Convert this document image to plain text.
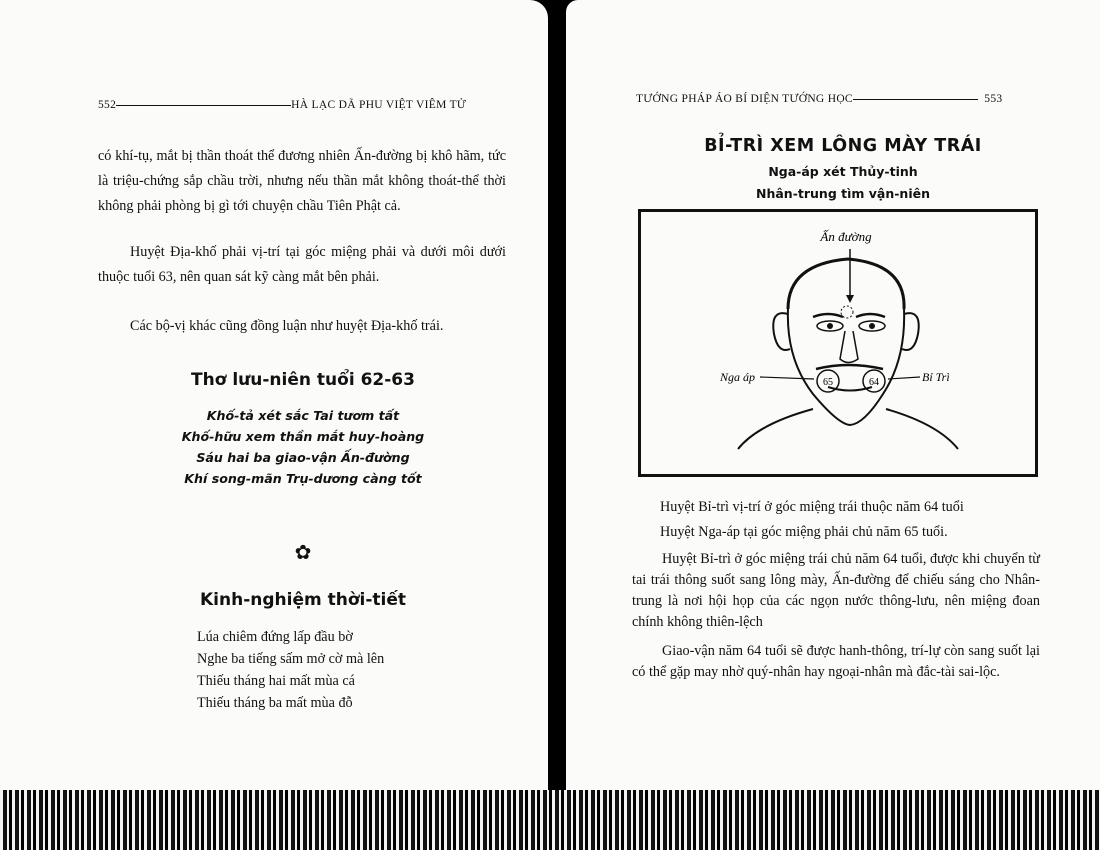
552	HÀ LẠC DÃ PHU VIỆT VIÊM TỬ
có khí-tụ, mắt bị thần thoát thể đương nhiên Ấn-đường bị khô hãm, tức là triệu-chứng sắp chầu trời, nhưng nếu thần mắt không thoát-thể thời không phải phòng bị gì tới chuyện chầu Tiên Phật cả.
Huyệt Địa-khố phải vị-trí tại góc miệng phải và dưới môi dưới thuộc tuổi 63, nên quan sát kỹ càng mắt bên phải.
Các bộ-vị khác cũng đồng luận như huyệt Địa-khố trái.
Thơ lưu-niên tuổi 62-63
Khố-tả xét sắc Tai tươm tất
Khố-hữu xem thần mắt huy-hoàng
Sáu hai ba giao-vận Ấn-đường
Khí song-mãn Trụ-dương càng tốt
✿
Kinh-nghiệm thời-tiết
Lúa chiêm đứng lấp đầu bờ
Nghe ba tiếng sấm mở cờ mà lên
Thiếu tháng hai mất mùa cá
Thiếu tháng ba mất mùa đỗ
TƯỚNG PHÁP ÁO BÍ DIỆN TƯỚNG HỌC	553
BỈ-TRÌ XEM LÔNG MÀY TRÁI
Nga-áp xét Thủy-tinh
Nhân-trung tìm vận-niên
Ấn đường
Nga áp	Bỉ Trì
65	64
Huyệt Bỉ-trì vị-trí ở góc miệng trái thuộc năm 64 tuổi
Huyệt Nga-áp tại góc miệng phải chủ năm 65 tuổi.
Huyệt Bỉ-trì ở góc miệng trái chủ năm 64 tuổi, được khi chuyển từ tai trái thông suốt sang lông mày, Ấn-đường để chiếu sáng cho Nhân-trung là nơi hội họp của các ngọn nước thông-lưu, nên miệng đoan chính không thiên-lệch
Giao-vận năm 64 tuổi sẽ được hanh-thông, trí-lự còn sang suốt lại có thể gặp may nhờ quý-nhân hay ngoại-nhân mà đắc-tài sai-lộc.
